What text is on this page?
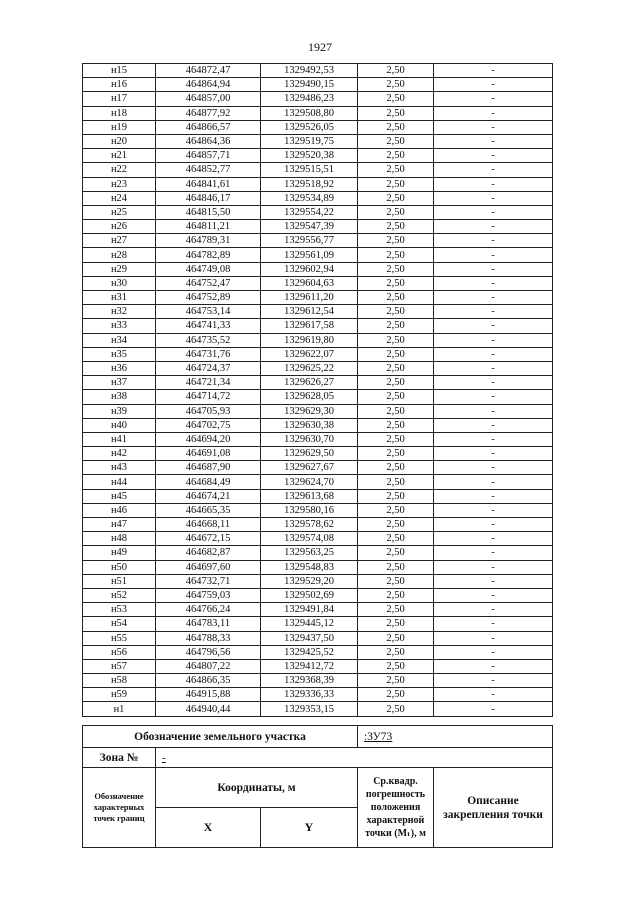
1927
н15	464872,47	1329492,53	2,50	-
н16	464864,94	1329490,15	2,50	-
н17	464857,00	1329486,23	2,50	-
н18	464877,92	1329508,80	2,50	-
н19	464866,57	1329526,05	2,50	-
н20	464864,36	1329519,75	2,50	-
н21	464857,71	1329520,38	2,50	-
н22	464852,77	1329515,51	2,50	-
н23	464841,61	1329518,92	2,50	-
н24	464846,17	1329534,89	2,50	-
н25	464815,50	1329554,22	2,50	-
н26	464811,21	1329547,39	2,50	-
н27	464789,31	1329556,77	2,50	-
н28	464782,89	1329561,09	2,50	-
н29	464749,08	1329602,94	2,50	-
н30	464752,47	1329604,63	2,50	-
н31	464752,89	1329611,20	2,50	-
н32	464753,14	1329612,54	2,50	-
н33	464741,33	1329617,58	2,50	-
н34	464735,52	1329619,80	2,50	-
н35	464731,76	1329622,07	2,50	-
н36	464724,37	1329625,22	2,50	-
н37	464721,34	1329626,27	2,50	-
н38	464714,72	1329628,05	2,50	-
н39	464705,93	1329629,30	2,50	-
н40	464702,75	1329630,38	2,50	-
н41	464694,20	1329630,70	2,50	-
н42	464691,08	1329629,50	2,50	-
н43	464687,90	1329627,67	2,50	-
н44	464684,49	1329624,70	2,50	-
н45	464674,21	1329613,68	2,50	-
н46	464665,35	1329580,16	2,50	-
н47	464668,11	1329578,62	2,50	-
н48	464672,15	1329574,08	2,50	-
н49	464682,87	1329563,25	2,50	-
н50	464697,60	1329548,83	2,50	-
н51	464732,71	1329529,20	2,50	-
н52	464759,03	1329502,69	2,50	-
н53	464766,24	1329491,84	2,50	-
н54	464783,11	1329445,12	2,50	-
н55	464788,33	1329437,50	2,50	-
н56	464796,56	1329425,52	2,50	-
н57	464807,22	1329412,72	2,50	-
н58	464866,35	1329368,39	2,50	-
н59	464915,88	1329336,33	2,50	-
н1	464940,44	1329353,15	2,50	-
Обозначение земельного участка			:ЗУ73	
Зона №	-			
Обозначение характерных точек границ	Координаты, м		Ср.квадр. погрешность положения характерной точки (Mₜ), м	Описание закрепления точки
	X	Y		
